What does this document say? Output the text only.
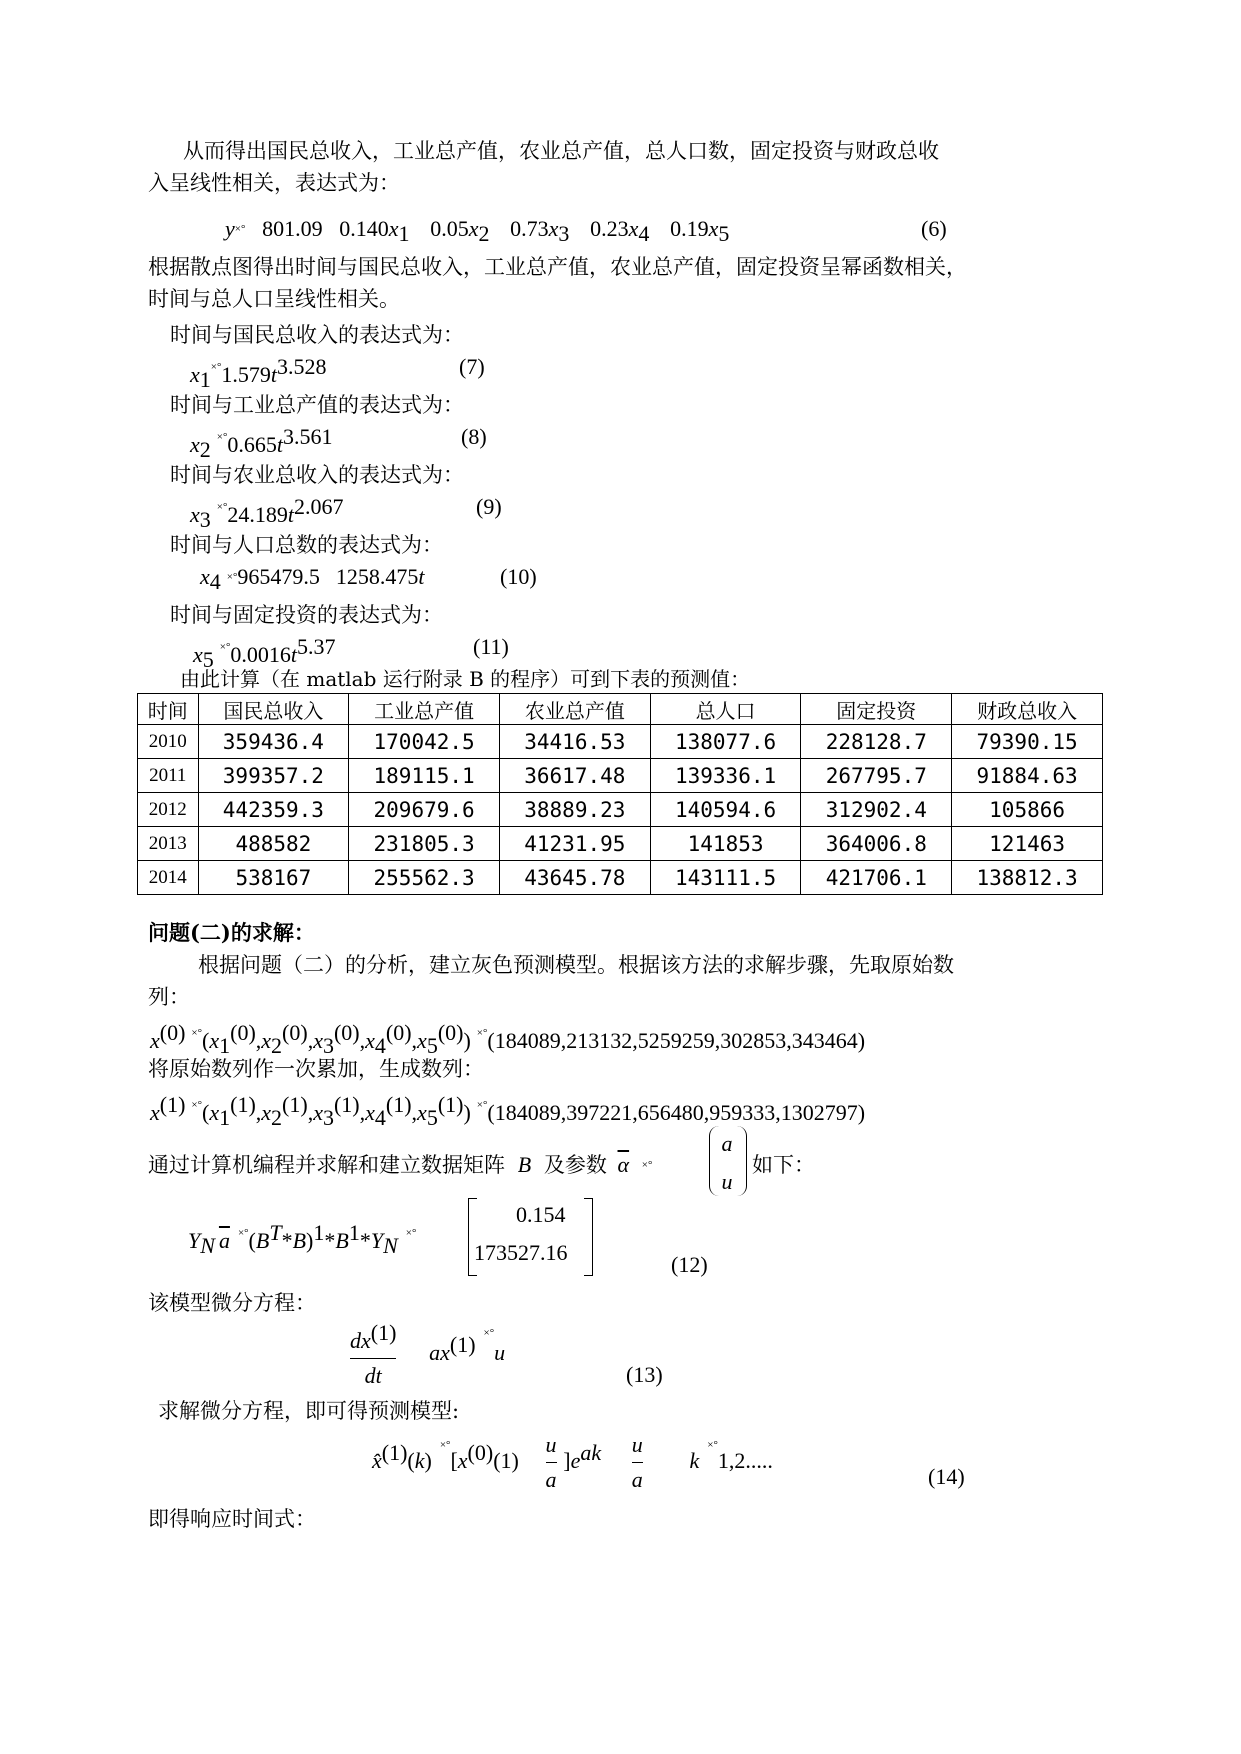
从而得出国民总收入，工业总产值，农业总产值，总人口数，固定投资与财政总收
入呈线性相关，表达式为：
y×° 801.09 $0.140x_1$ $0.05x_2$ $0.73x_3$ $0.23x_4$ $0.19x_5$	(6)
根据散点图得出时间与国民总收入，工业总产值，农业总产值，固定投资呈幂函数相关，
时间与总人口呈线性相关。
时间与国民总收入的表达式为：
$x_1^{\times^\circ}1.579t^{3.528}$	(7)
时间与工业总产值的表达式为：
$x_2^{\times^\circ}0.665t^{3.561}$	(8)
时间与农业总收入的表达式为：
$x_3^{\times^\circ}24.189t^{2.067}$	(9)
时间与人口总数的表达式为：
$x_4$ ×°965479.5 1258.475t	(10)
时间与固定投资的表达式为：
$x_5^{\times^\circ}0.0016t^{5.37}$	(11)
由此计算（在 matlab 运行附录 B 的程序）可到下表的预测值：
时间	国民总收入	工业总产值	农业总产值	总人口	固定投资	财政总收入
2010	359436.4	170042.5	34416.53	138077.6	228128.7	79390.15
2011	399357.2	189115.1	36617.48	139336.1	267795.7	91884.63
2012	442359.3	209679.6	38889.23	140594.6	312902.4	105866
2013	488582	231805.3	41231.95	141853	364006.8	121463
2014	538167	255562.3	43645.78	143111.5	421706.1	138812.3
问题(二)的求解：
根据问题（二）的分析，建立灰色预测模型。根据该方法的求解步骤，先取原始数
列：
$x^{(0)}$ $^{\times^\circ}(x_1^{(0)},x_2^{(0)},x_3^{(0)},x_4^{(0)},x_5^{(0)})$ ×°(184089,213132,5259259,302853,343464)
将原始数列作一次累加，生成数列：
$x^{(1)}$ $^{\times^\circ}(x_1^{(1)},x_2^{(1)},x_3^{(1)},x_4^{(1)},x_5^{(1)})$ ×°(184089,397221,656480,959333,1302797)
通过计算机编程并求解和建立数据矩阵 B 及参数 $\overline{\alpha}$ ×°
a
u
如下：
$Y_N$ $\overline{a}$ $^{\times^\circ}(B^T*B)^1*B^1*Y_N^{\times^\circ}$
0.154
173527.16	(12)
该模型微分方程：
$\frac{dx^{(1)}}{dt} ax^{(1)}$ ×°u
(13)
求解微分方程，即可得预测模型:
$x̂^{(1)}(k)^{\times^\circ}[x^{(0)}(1) \frac{u}{a} ]e^{ak} \frac{u}{a} k^{\times^\circ}1,2$.....
(14)
即得响应时间式：
